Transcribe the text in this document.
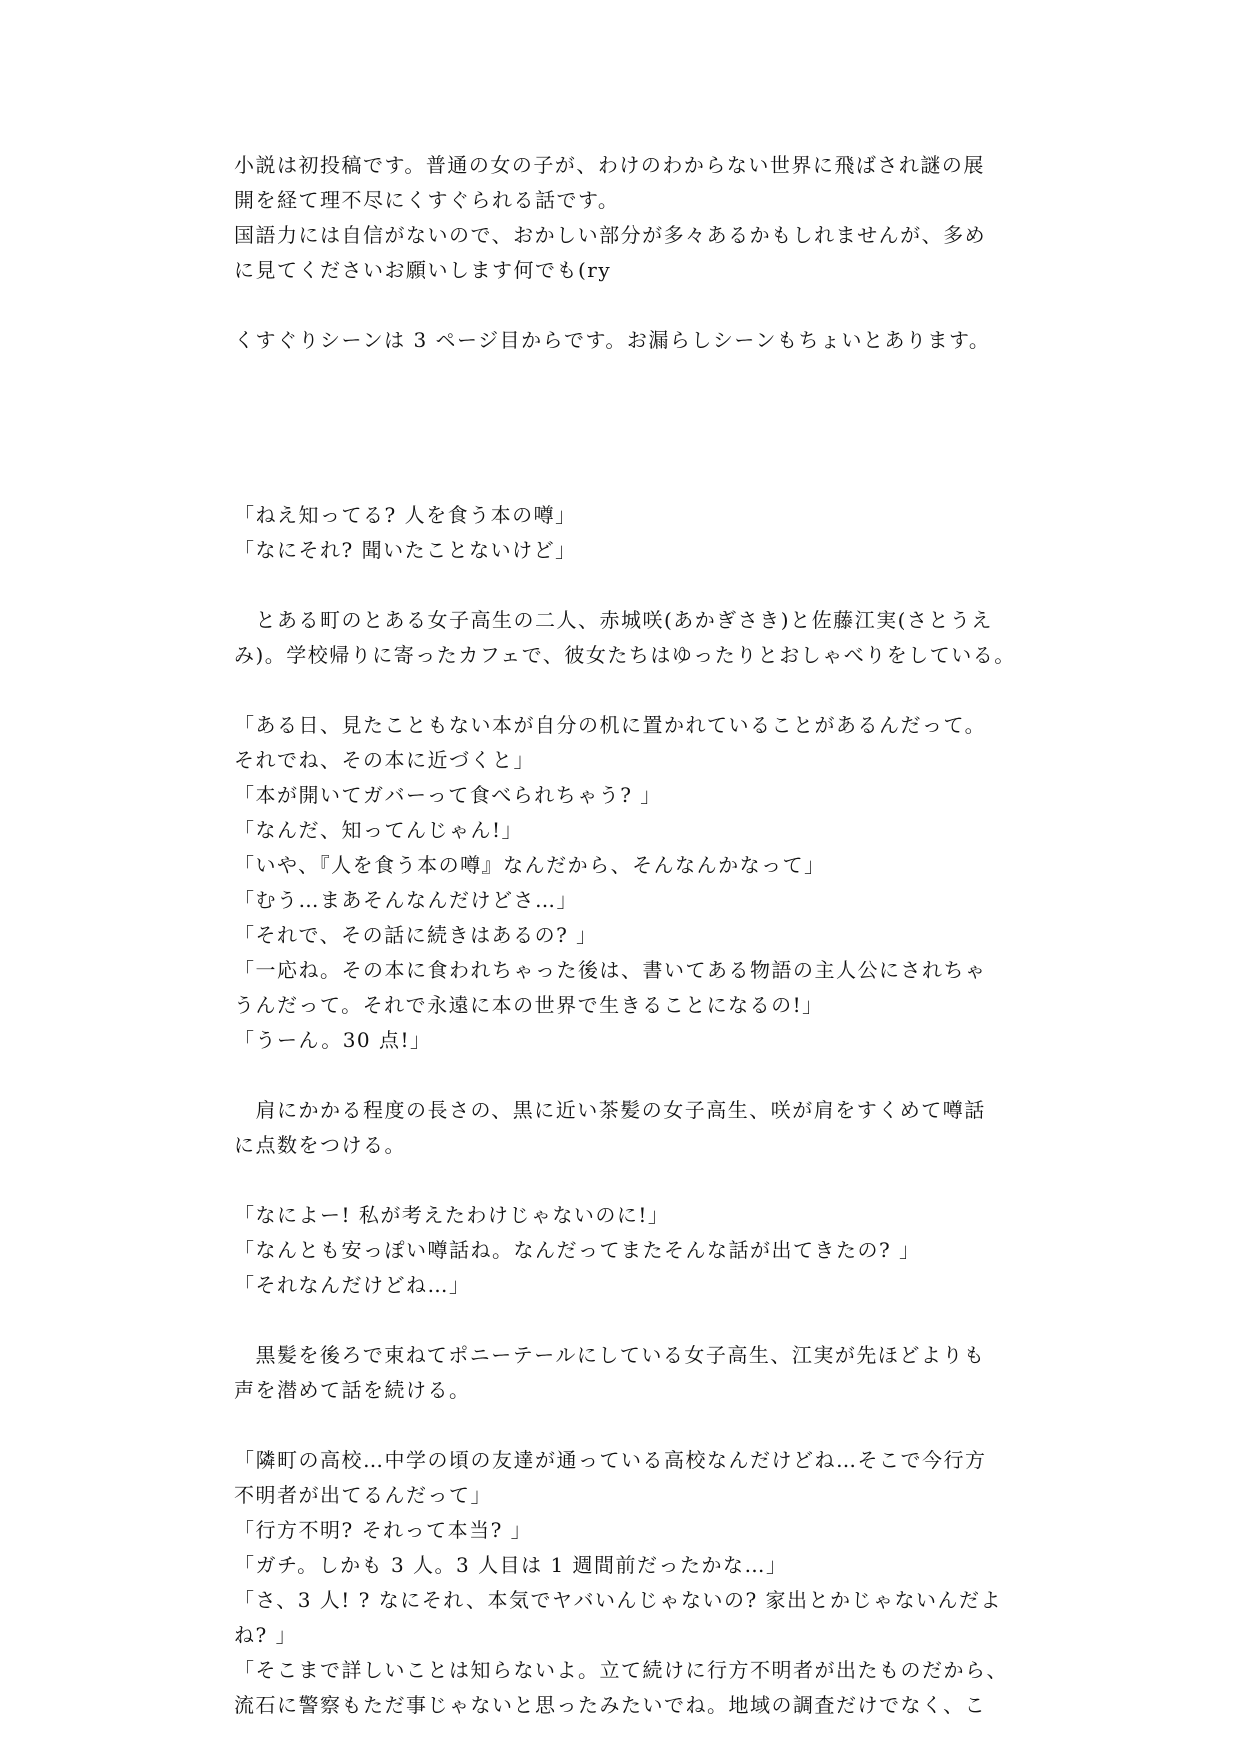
小説は初投稿です。普通の女の子が、わけのわからない世界に飛ばされ謎の展
開を経て理不尽にくすぐられる話です。
国語力には自信がないので、おかしい部分が多々あるかもしれませんが、多め
に見てくださいお願いします何でも(ry
くすぐりシーンは 3 ページ目からです。お漏らしシーンもちょいとあります。
「ねえ知ってる? 人を食う本の噂」
「なにそれ? 聞いたことないけど」
　とある町のとある女子高生の二人、赤城咲(あかぎさき)と佐藤江実(さとうえ
み)。学校帰りに寄ったカフェで、彼女たちはゆったりとおしゃべりをしている。
「ある日、見たこともない本が自分の机に置かれていることがあるんだって。
それでね、その本に近づくと」
「本が開いてガバーって食べられちゃう? 」
「なんだ、知ってんじゃん!」
「いや、『人を食う本の噂』なんだから、そんなんかなって」
「むう…まあそんなんだけどさ…」
「それで、その話に続きはあるの? 」
「一応ね。その本に食われちゃった後は、書いてある物語の主人公にされちゃ
うんだって。それで永遠に本の世界で生きることになるの!」
「うーん。30 点!」
　肩にかかる程度の長さの、黒に近い茶髪の女子高生、咲が肩をすくめて噂話
に点数をつける。
「なによー! 私が考えたわけじゃないのに!」
「なんとも安っぽい噂話ね。なんだってまたそんな話が出てきたの? 」
「それなんだけどね…」
　黒髪を後ろで束ねてポニーテールにしている女子高生、江実が先ほどよりも
声を潜めて話を続ける。
「隣町の高校…中学の頃の友達が通っている高校なんだけどね…そこで今行方
不明者が出てるんだって」
「行方不明? それって本当? 」
「ガチ。しかも 3 人。3 人目は 1 週間前だったかな…」
「さ、3 人! ? なにそれ、本気でヤバいんじゃないの? 家出とかじゃないんだよ
ね? 」
「そこまで詳しいことは知らないよ。立て続けに行方不明者が出たものだから、
流石に警察もただ事じゃないと思ったみたいでね。地域の調査だけでなく、こ
